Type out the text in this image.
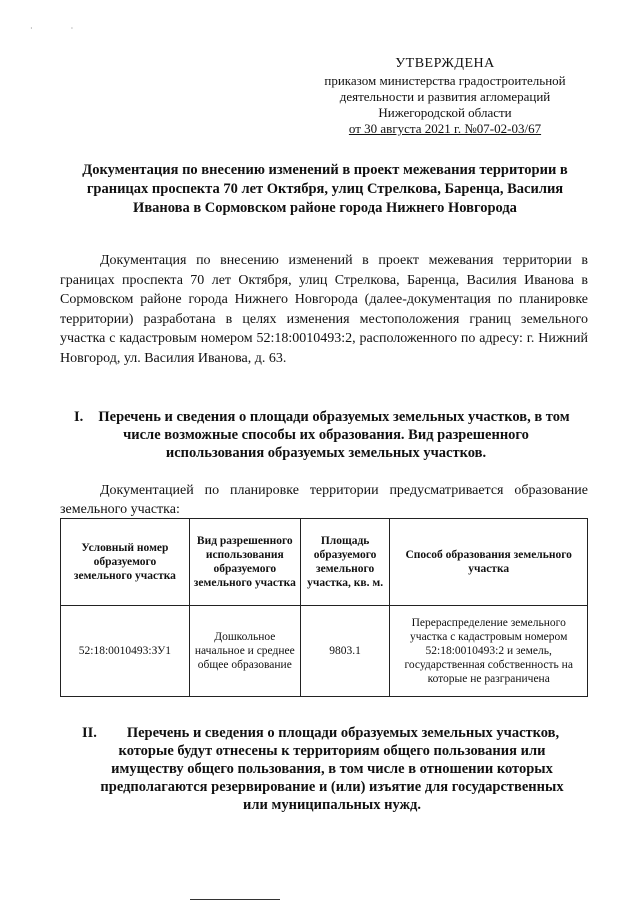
УТВЕРЖДЕНА
приказом министерства градостроительной
деятельности и развития агломераций
Нижегородской области
от 30 августа 2021 г. №07-02-03/67
Документация по внесению изменений в проект межевания территории в границах проспекта 70 лет Октября, улиц Стрелкова, Баренца, Василия Иванова в Сормовском районе города Нижнего Новгорода
Документация по внесению изменений в проект межевания территории в границах проспекта 70 лет Октября, улиц Стрелкова, Баренца, Василия Иванова в Сормовском районе города Нижнего Новгорода (далее-документация по планировке территории) разработана в целях изменения местоположения границ земельного участка с кадастровым номером 52:18:0010493:2, расположенного по адресу: г. Нижний Новгород, ул. Василия Иванова, д. 63.
I.	Перечень и сведения о площади образуемых земельных участков, в том
числе возможные способы их образования. Вид разрешенного
использования образуемых земельных участков.
Документацией по планировке территории предусматривается образование земельного участка:
Условный номер образуемого земельного участка	Вид разрешенного использования образуемого земельного участка	Площадь образуемого земельного участка, кв. м.	Способ образования земельного участка
52:18:0010493:ЗУ1	Дошкольное начальное и среднее общее образование	9803.1	Перераспределение земельного участка с кадастровым номером 52:18:0010493:2 и земель, государственная собственность на которые не разграничена
II.	Перечень и сведения о площади образуемых земельных участков,
которые будут отнесены к территориям общего пользования или
имуществу общего пользования, в том числе в отношении которых
предполагаются резервирование и (или) изъятие для государственных
или муниципальных нужд.
· ·
